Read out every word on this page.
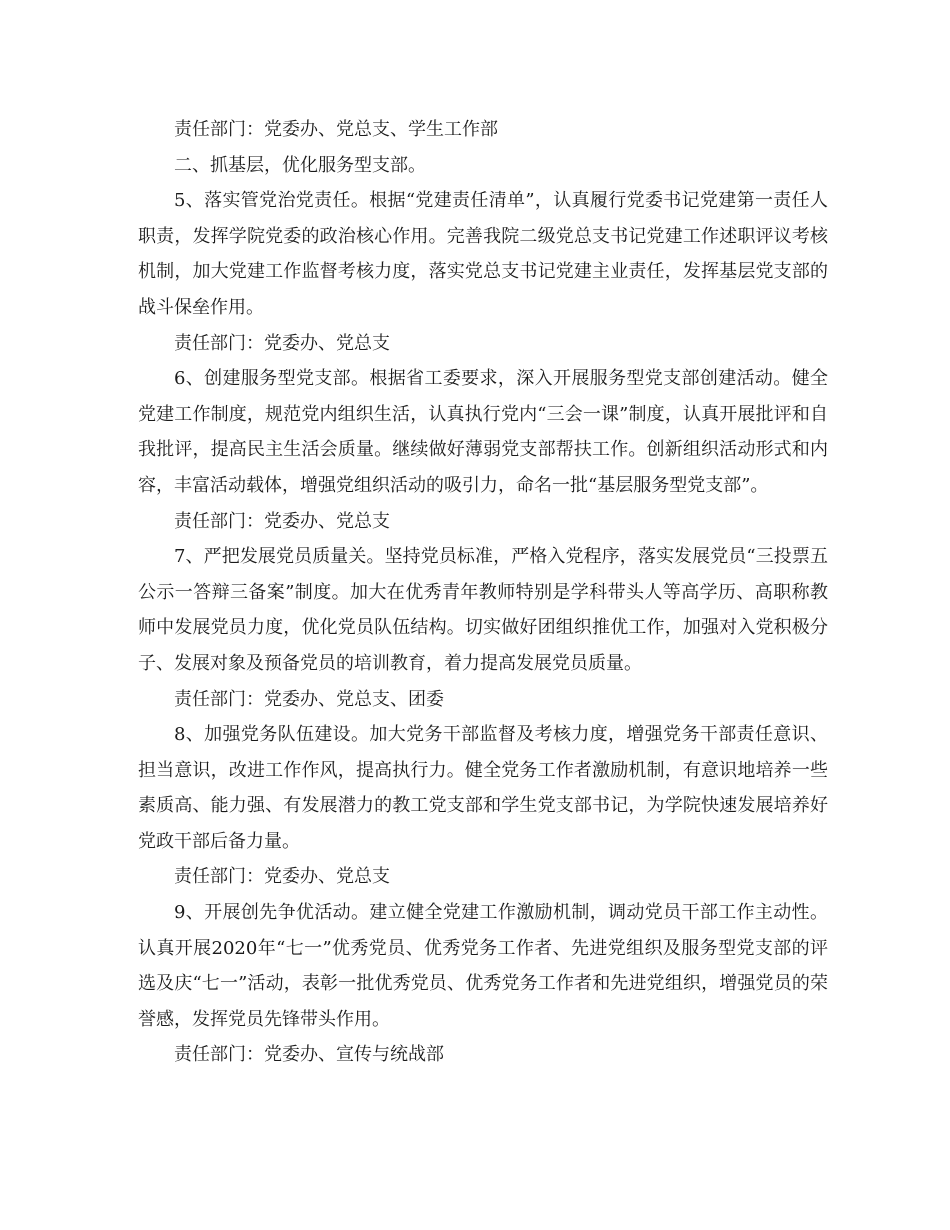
责任部门：党委办、党总支、学生工作部

二、抓基层，优化服务型支部。

5、落实管党治党责任。根据“党建责任清单”，认真履行党委书记党建第一责任人职责，发挥学院党委的政治核心作用。完善我院二级党总支书记党建工作述职评议考核机制，加大党建工作监督考核力度，落实党总支书记党建主业责任，发挥基层党支部的战斗保垒作用。

责任部门：党委办、党总支

6、创建服务型党支部。根据省工委要求，深入开展服务型党支部创建活动。健全党建工作制度，规范党内组织生活，认真执行党内“三会一课”制度，认真开展批评和自我批评，提高民主生活会质量。继续做好薄弱党支部帮扶工作。创新组织活动形式和内容，丰富活动载体，增强党组织活动的吸引力，命名一批“基层服务型党支部”。

责任部门：党委办、党总支

7、严把发展党员质量关。坚持党员标准，严格入党程序，落实发展党员“三投票五公示一答辩三备案”制度。加大在优秀青年教师特别是学科带头人等高学历、高职称教师中发展党员力度，优化党员队伍结构。切实做好团组织推优工作，加强对入党积极分子、发展对象及预备党员的培训教育，着力提高发展党员质量。

责任部门：党委办、党总支、团委

8、加强党务队伍建设。加大党务干部监督及考核力度，增强党务干部责任意识、担当意识，改进工作作风，提高执行力。健全党务工作者激励机制，有意识地培养一些素质高、能力强、有发展潜力的教工党支部和学生党支部书记，为学院快速发展培养好党政干部后备力量。

责任部门：党委办、党总支

9、开展创先争优活动。建立健全党建工作激励机制，调动党员干部工作主动性。认真开展2020年“七一”优秀党员、优秀党务工作者、先进党组织及服务型党支部的评选及庆“七一”活动，表彰一批优秀党员、优秀党务工作者和先进党组织，增强党员的荣誉感，发挥党员先锋带头作用。

责任部门：党委办、宣传与统战部
